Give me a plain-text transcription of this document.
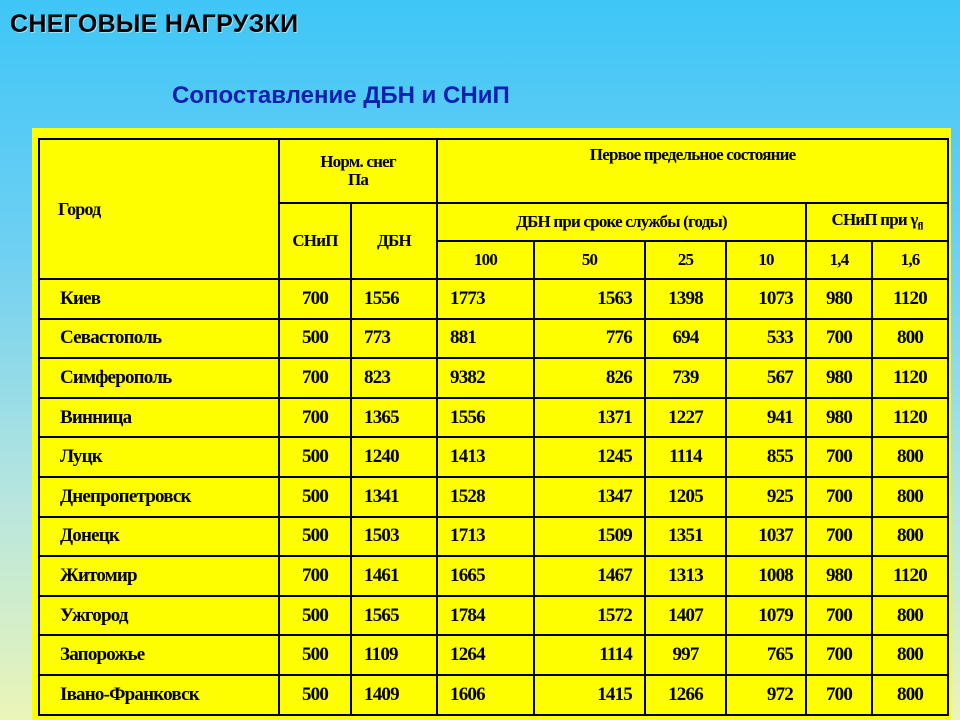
СНЕГОВЫЕ НАГРУЗКИ
Сопоставление ДБН и СНиП
Город	Норм. снег
Па		Первое предельное состояние					
	СНиП	ДБН	ДБН при сроке службы (годы)				СНиП при $\gamma_{fl}$
			100	50	25	10	1,4	1,6
Киев	700	1556	1773	1563	1398	1073	980	1120
Севастополь	500	773	881	776	694	533	700	800
Симферополь	700	823	9382	826	739	567	980	1120
Винница	700	1365	1556	1371	1227	941	980	1120
Луцк	500	1240	1413	1245	1114	855	700	800
Днепропетровск	500	1341	1528	1347	1205	925	700	800
Донецк	500	1503	1713	1509	1351	1037	700	800
Житомир	700	1461	1665	1467	1313	1008	980	1120
Ужгород	500	1565	1784	1572	1407	1079	700	800
Запорожье	500	1109	1264	1114	997	765	700	800
Івано-Франковск	500	1409	1606	1415	1266	972	700	800
